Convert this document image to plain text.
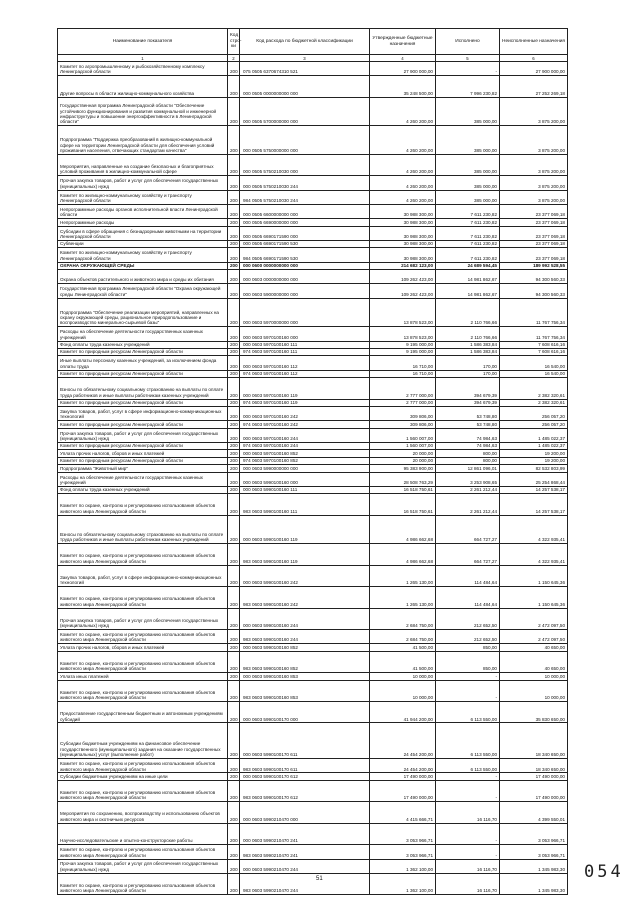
Наименование показателя	Код стро-ки	Код расхода по бюджетной классификации	Утвержденные бюджетные назначения	Исполнено	Неисполненные назначения
1	2	3	4	5	6
Комитет по агропромышленному и рыбохозяйственному комплексу Ленинградской области	200	075 0505 6370674310 521	27 900 000,00	-	27 900 000,00
Другие вопросы в области жилищно-коммунального хозяйства	200	000 0505 0000000000 000	35 248 500,00	7 996 230,82	27 252 269,18
Государственная программа Ленинградской области "Обеспечение устойчивого функционирования и развития коммунальной и инженерной инфраструктуры и повышение энергоэффективности в Ленинградской области"	200	000 0505 5700000000 000	4 260 200,00	385 000,00	3 875 200,00
Подпрограмма "Поддержка преобразований в жилищно-коммунальной сфере на территории Ленинградской области для обеспечения условий проживания населения, отвечающих стандартам качества"	200	000 0505 5750000000 000	4 260 200,00	385 000,00	3 875 200,00
Мероприятия, направленные на создание безопасных и благоприятных условий проживания в жилищно-коммунальной сфере	200	000 0505 5750210030 000	4 260 200,00	385 000,00	3 875 200,00
Прочая закупка товаров, работ и услуг для обеспечения государственных (муниципальных) нужд	200	000 0505 5750210030 244	4 260 200,00	385 000,00	3 875 200,00
Комитет по жилищно-коммунальному хозяйству и транспорту Ленинградской области	200	984 0505 5750210030 244	4 260 200,00	385 000,00	3 875 200,00
Непрограммные расходы органов исполнительной власти Ленинградской области	200	000 0505 6600000000 000	30 988 300,00	7 611 230,82	23 377 069,18
Непрограммные расходы	200	000 0505 6690000000 000	30 988 300,00	7 611 230,82	23 377 069,18
Субсидии в сфере обращения с безнадзорными животными на территории Ленинградской области	200	000 0505 6690171590 000	30 988 300,00	7 611 230,82	23 377 069,18
Субвенции	200	000 0505 6690171590 530	30 988 300,00	7 611 230,82	23 377 069,18
Комитет по жилищно-коммунальному хозяйству и транспорту Ленинградской области	200	984 0505 6690171590 530	30 988 300,00	7 611 230,82	23 377 069,18
ОХРАНА ОКРУЖАЮЩЕЙ СРЕДЫ	200	000 0600 0000000000 000	214 682 123,00	24 689 594,45	189 992 528,55
Охрана объектов растительного и животного мира и среды их обитания	200	000 0603 0000000000 000	109 262 423,00	14 981 862,67	94 300 560,33
Государственная программа Ленинградской области "Охрана окружающей среды Ленинградской области"	200	000 0603 5900000000 000	109 262 423,00	14 981 862,67	94 300 560,33
Подпрограмма "Обеспечение реализации мероприятий, направленных на охрану окружающей среды, рациональное природопользование и воспроизводство минерально-сырьевой базы"	200	000 0603 5970000000 000	13 878 523,00	2 110 766,66	11 767 756,34
Расходы на обеспечение деятельности государственных казенных учреждений	200	000 0603 5970100160 000	13 878 523,00	2 110 766,66	11 767 756,34
Фонд оплаты труда казенных учреждений	200	000 0603 5970100160 111	9 195 000,00	1 586 383,84	7 608 616,16
Комитет по природным ресурсам Ленинградской области	200	974 0603 5970100160 111	9 195 000,00	1 586 383,84	7 608 616,16
Иные выплаты персоналу казенных учреждений, за исключением фонда оплаты труда	200	000 0603 5970100160 112	16 710,00	170,00	16 540,00
Комитет по природным ресурсам Ленинградской области	200	974 0603 5970100160 112	16 710,00	170,00	16 540,00
Взносы по обязательному социальному страхованию на выплаты по оплате труда работников и иные выплаты работникам казенных учреждений	200	000 0603 5970100160 119	2 777 000,00	394 679,39	2 382 320,61
Комитет по природным ресурсам Ленинградской области	200	974 0603 5970100160 119	2 777 000,00	394 679,39	2 382 320,61
Закупка товаров, работ, услуг в сфере информационно-коммуникационных технологий	200	000 0603 5970100160 242	309 806,00	53 748,80	256 057,20
Комитет по природным ресурсам Ленинградской области	200	974 0603 5970100160 242	309 806,00	53 748,80	256 057,20
Прочая закупка товаров, работ и услуг для обеспечения государственных (муниципальных) нужд	200	000 0603 5970100160 244	1 560 007,00	74 984,63	1 485 022,37
Комитет по природным ресурсам Ленинградской области	200	974 0603 5970100160 244	1 560 007,00	74 984,63	1 485 022,37
Уплата прочих налогов, сборов и иных платежей	200	000 0603 5970100160 852	20 000,00	800,00	19 200,00
Комитет по природным ресурсам Ленинградской области	200	974 0603 5970100160 852	20 000,00	800,00	19 200,00
Подпрограмма "Животный мир"	200	000 0603 5990000000 000	95 383 900,00	12 861 096,01	82 532 803,99
Расходы на обеспечение деятельности государственных казенных учреждений	200	000 0603 5990100160 000	28 508 763,29	3 253 908,65	25 254 868,44
Фонд оплаты труда казенных учреждений	200	000 0603 5990100160 111	16 518 750,61	2 261 212,44	14 257 538,17
Комитет по охране, контролю и регулированию использования объектов животного мира Ленинградской области	200	983 0603 5990100160 111	16 518 750,61	2 261 212,44	14 257 538,17
Взносы по обязательному социальному страхованию на выплаты по оплате труда работников и иные выплаты работникам казенных учреждений	200	000 0603 5990100160 119	4 986 662,68	664 727,27	4 322 935,41
Комитет по охране, контролю и регулированию использования объектов животного мира Ленинградской области	200	983 0603 5990100160 119	4 986 662,68	664 727,27	4 322 935,41
Закупка товаров, работ, услуг в сфере информационно-коммуникационных технологий	200	000 0603 5990100160 242	1 265 130,00	114 484,64	1 150 645,36
Комитет по охране, контролю и регулированию использования объектов животного мира Ленинградской области	200	983 0603 5990100160 242	1 265 130,00	114 484,64	1 150 645,36
Прочая закупка товаров, работ и услуг для обеспечения государственных (муниципальных) нужд	200	000 0603 5990100160 244	2 684 750,00	212 652,50	2 472 097,50
Комитет по охране, контролю и регулированию использования объектов животного мира Ленинградской области	200	983 0603 5990100160 244	2 684 750,00	212 652,50	2 472 097,50
Уплата прочих налогов, сборов и иных платежей	200	000 0603 5990100160 852	41 500,00	850,00	40 650,00
Комитет по охране, контролю и регулированию использования объектов животного мира Ленинградской области	200	983 0603 5990100160 852	41 500,00	850,00	40 650,00
Уплата иных платежей	200	000 0603 5990100160 853	10 000,00	-	10 000,00
Комитет по охране, контролю и регулированию использования объектов животного мира Ленинградской области	200	983 0603 5990100160 853	10 000,00	-	10 000,00
Предоставление государственным бюджетным и автономным учреждениям субсидий	200	000 0603 5990100170 000	41 944 200,00	6 113 550,00	35 830 650,00
Субсидии бюджетным учреждениям на финансовое обеспечение государственного (муниципального) задания на оказание государственных (муниципальных) услуг (выполнение работ)	200	000 0603 5990100170 611	24 454 200,00	6 113 550,00	18 340 650,00
Комитет по охране, контролю и регулированию использования объектов животного мира Ленинградской области	200	983 0603 5990100170 611	24 454 200,00	6 113 550,00	18 340 650,00
Субсидии бюджетным учреждениям на иные цели	200	000 0603 5990100170 612	17 490 000,00	-	17 490 000,00
Комитет по охране, контролю и регулированию использования объектов животного мира Ленинградской области	200	983 0603 5990100170 612	17 490 000,00	-	17 490 000,00
Мероприятия по сохранению, воспроизводству и использованию объектов животного мира и охотничьих ресурсов	200	000 0603 5990210470 000	4 415 666,71	16 116,70	4 399 550,01
Научно-исследовательские и опытно-конструкторские работы	200	000 0603 5990210470 241	3 053 966,71	-	3 053 966,71
Комитет по охране, контролю и регулированию использования объектов животного мира Ленинградской области	200	983 0603 5990210470 241	3 053 966,71	-	3 053 966,71
Прочая закупка товаров, работ и услуг для обеспечения государственных (муниципальных) нужд	200	000 0603 5990210470 244	1 362 100,00	16 116,70	1 345 983,30
Комитет по охране, контролю и регулированию использования объектов животного мира Ленинградской области	200	983 0603 5990210470 244	1 362 100,00	16 116,70	1 345 983,30
51	054
